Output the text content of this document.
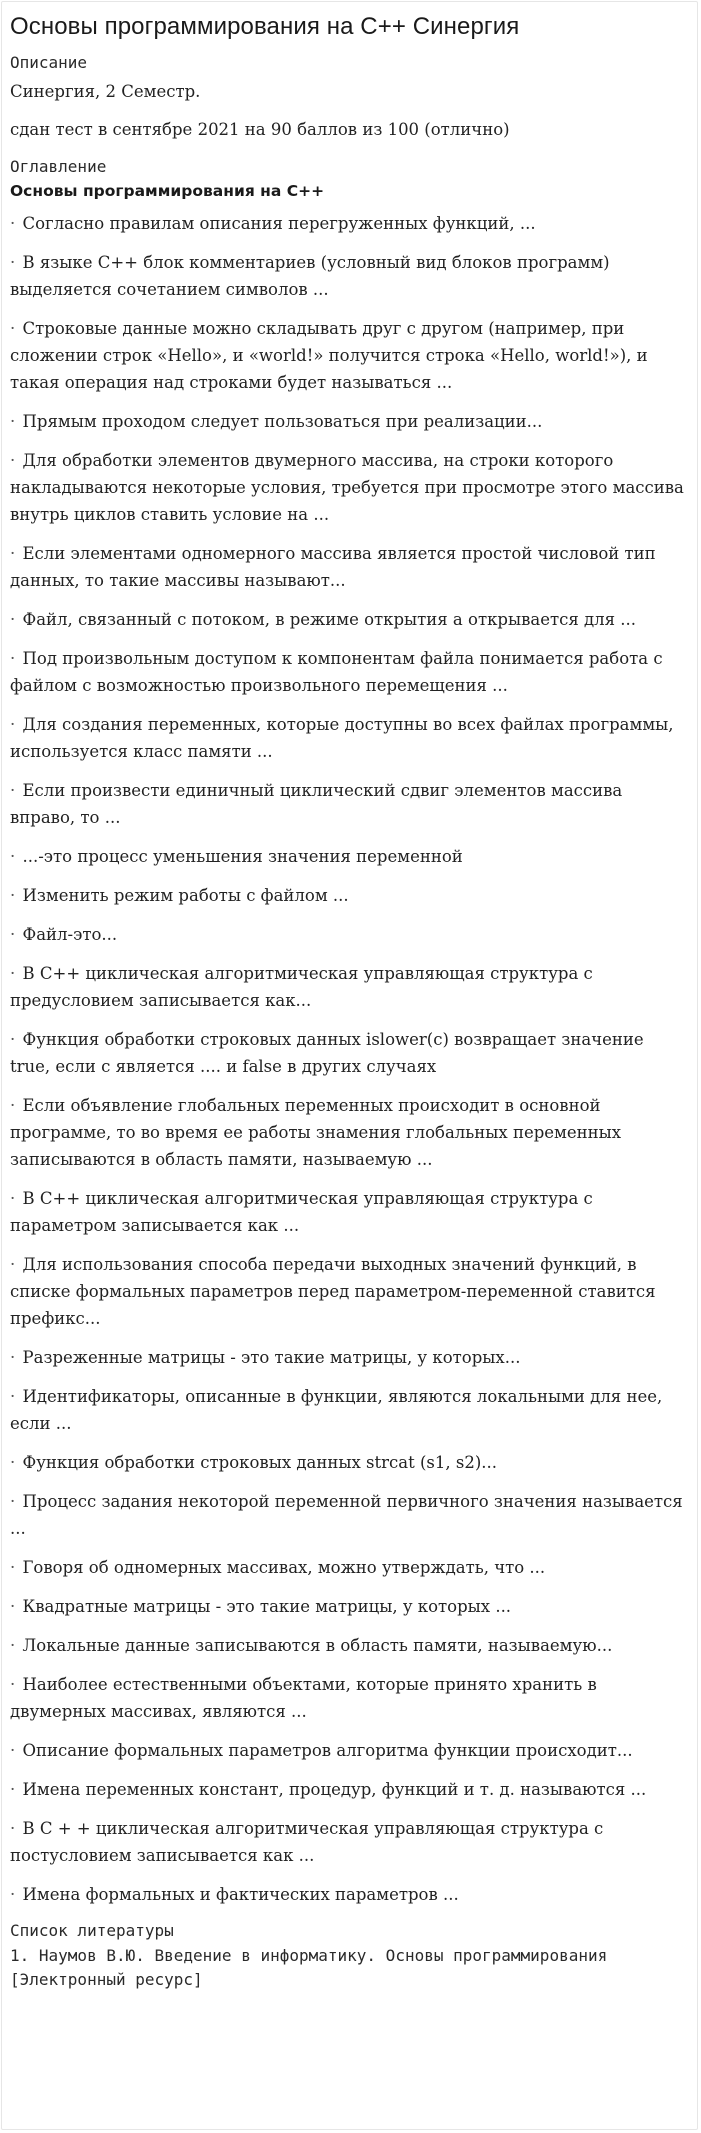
Основы программирования на С++ Синергия
Описание

Синергия, 2 Семестр.

сдан тест в сентябре 2021 на 90 баллов из 100 (отлично)

Оглавление
Основы программирования на С++
· Согласно правилам описания перегруженных функций, ...
· В языке С++ блок комментариев (условный вид блоков программ) выделяется сочетанием символов ...
· Строковые данные можно складывать друг с другом (например, при сложении строк «Hello», и «world!» получится строка «Hello, world!»), и такая операция над строками будет называться ...
· Прямым проходом следует пользоваться при реализации...
· Для обработки элементов двумерного массива, на строки которого накладываются некоторые условия, требуется при просмотре этого массива внутрь циклов ставить условие на ...
· Если элементами одномерного массива является простой числовой тип данных, то такие массивы называют...
· Файл, связанный с потоком, в режиме открытия a открывается для ...
· Под произвольным доступом к компонентам файла понимается работа с файлом с возможностью произвольного перемещения ...
· Для создания переменных, которые доступны во всех файлах программы, используется класс памяти ...
· Если произвести единичный циклический сдвиг элементов массива вправо, то ...
· ...-это процесс уменьшения значения переменной
· Изменить режим работы с файлом ...
· Файл-это...
· В С++ циклическая алгоритмическая управляющая структура с предусловием записывается как...
· Функция обработки строковых данных islower(c) возвращает значение true, если с является .... и false в других случаях
· Если объявление глобальных переменных происходит в основной программе, то во время ее работы знамения глобальных переменных записываются в область памяти, называемую ...
· В С++ циклическая алгоритмическая управляющая структура с параметром записывается как ...
· Для использования способа передачи выходных значений функций, в списке формальных параметров перед параметром-переменной ставится префикс...
· Разреженные матрицы - это такие матрицы, у которых...
· Идентификаторы, описанные в функции, являются локальными для нее, если ...
· Функция обработки строковых данных strcat (s1, s2)...
· Процесс задания некоторой переменной первичного значения называется ...
· Говоря об одномерных массивах, можно утверждать, что ...
· Квадратные матрицы - это такие матрицы, у которых ...
· Локальные данные записываются в область памяти, называемую...
· Наиболее естественными объектами, которые принято хранить в двумерных массивах, являются ...
· Описание формальных параметров алгоритма функции происходит...
· Имена переменных констант, процедур, функций и т. д. называются ...
· В С + + циклическая алгоритмическая управляющая структура с постусловием записывается как ...
· Имена формальных и фактических параметров ...
Список литературы
1. Наумов В.Ю. Введение в информатику. Основы программирования [Электронный ресурс]
